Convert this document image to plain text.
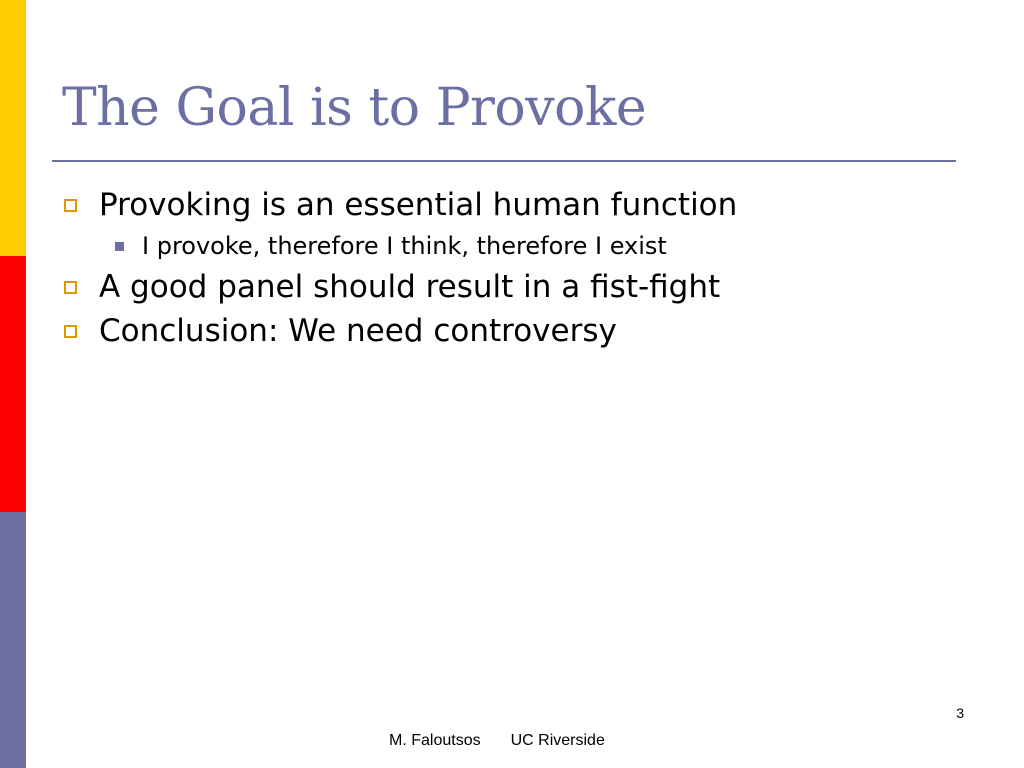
The Goal is to Provoke
Provoking is an essential human function
I provoke, therefore I think, therefore I exist
A good panel should result in a fist-fight
Conclusion: We need controversy
3
M. Faloutsos UC Riverside
